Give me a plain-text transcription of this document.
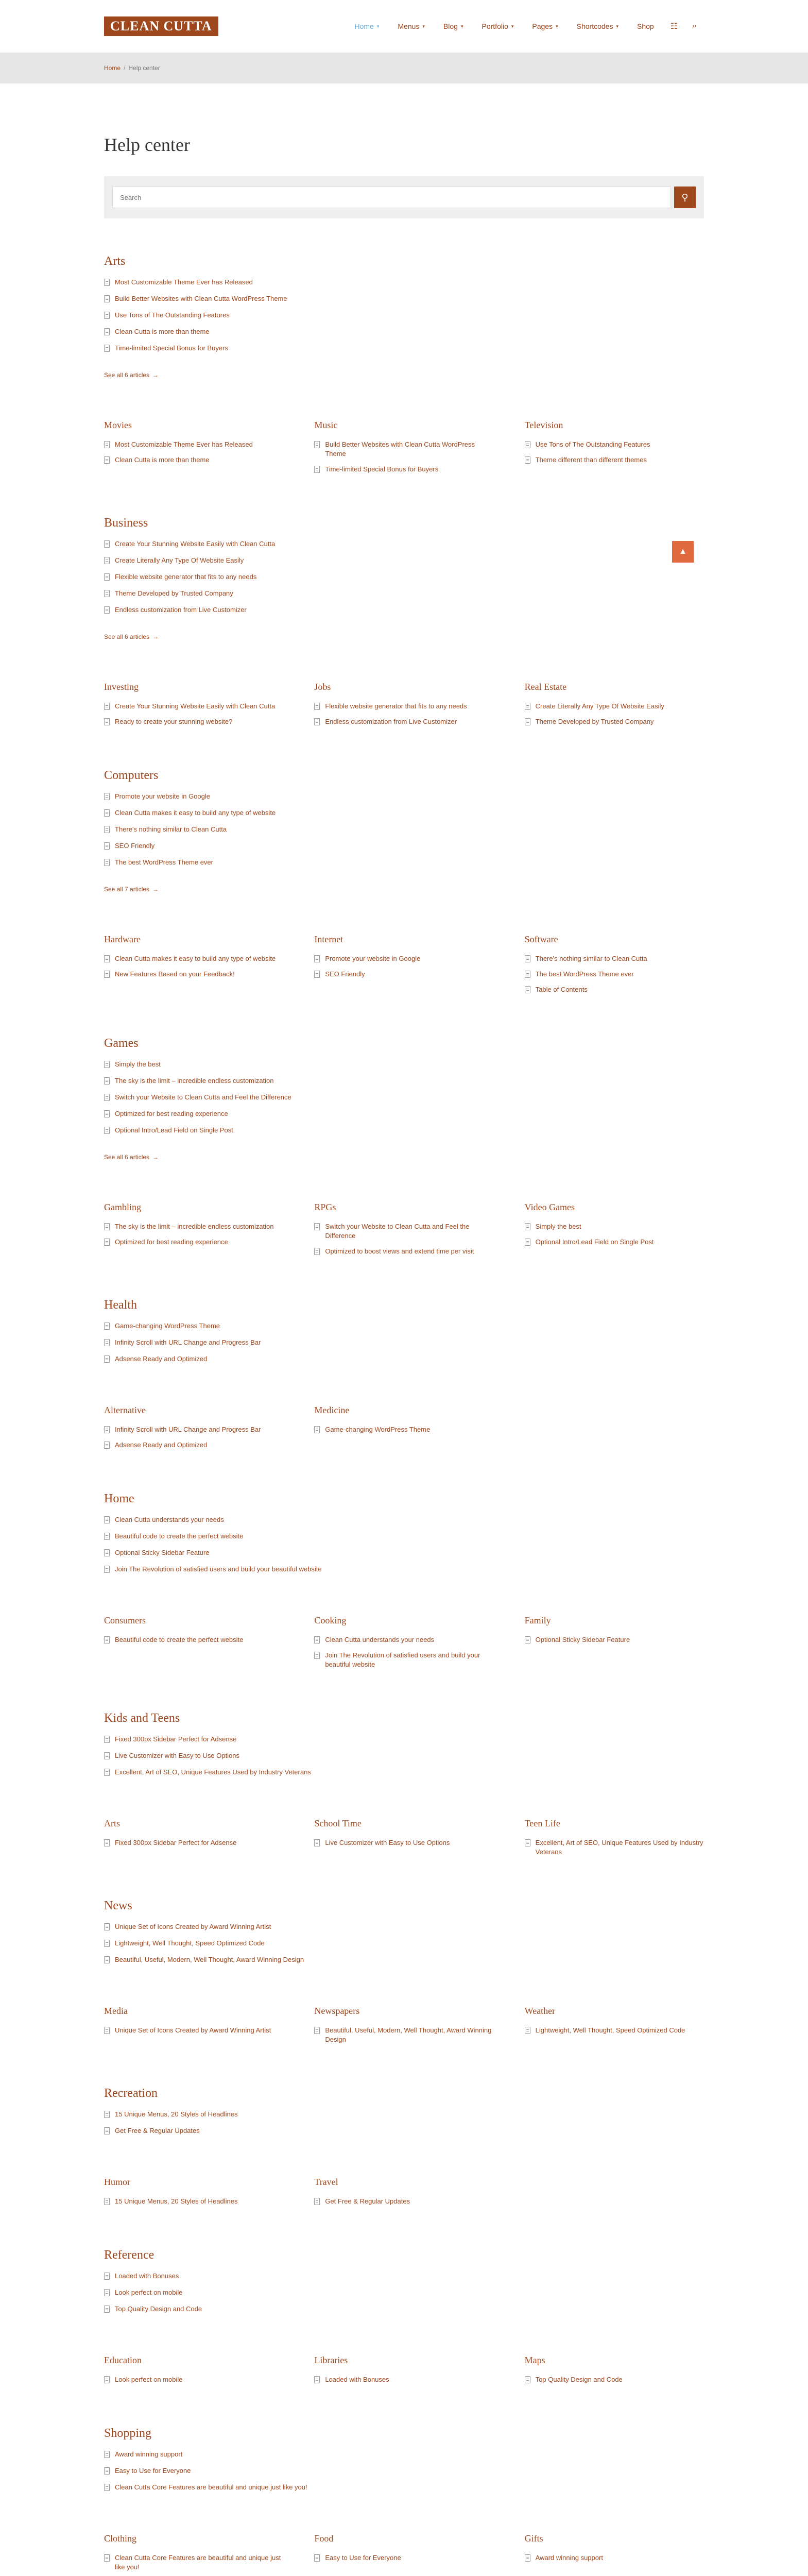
CLEAN CUTTA	Home ▾	Menus ▾	Blog ▾	Portfolio ▾	Pages ▾	Shortcodes ▾	Shop	☷	⌕
Home / Help center
Help center
Search
⚲
Arts
Most Customizable Theme Ever has Released
Build Better Websites with Clean Cutta WordPress Theme
Use Tons of The Outstanding Features
Clean Cutta is more than theme
Time-limited Special Bonus for Buyers
See all 6 articles →
Movies
Most Customizable Theme Ever has Released
Clean Cutta is more than theme
Music
Build Better Websites with Clean Cutta WordPress Theme
Time-limited Special Bonus for Buyers
Television
Use Tons of The Outstanding Features
Theme different than different themes
Business
Create Your Stunning Website Easily with Clean Cutta
Create Literally Any Type Of Website Easily
Flexible website generator that fits to any needs
Theme Developed by Trusted Company
Endless customization from Live Customizer
See all 6 articles →
Investing
Create Your Stunning Website Easily with Clean Cutta
Ready to create your stunning website?
Jobs
Flexible website generator that fits to any needs
Endless customization from Live Customizer
Real Estate
Create Literally Any Type Of Website Easily
Theme Developed by Trusted Company
Computers
Promote your website in Google
Clean Cutta makes it easy to build any type of website
There's nothing similar to Clean Cutta
SEO Friendly
The best WordPress Theme ever
See all 7 articles →
Hardware
Clean Cutta makes it easy to build any type of website
New Features Based on your Feedback!
Internet
Promote your website in Google
SEO Friendly
Software
There's nothing similar to Clean Cutta
The best WordPress Theme ever
Table of Contents
Games
Simply the best
The sky is the limit – incredible endless customization
Switch your Website to Clean Cutta and Feel the Difference
Optimized for best reading experience
Optional Intro/Lead Field on Single Post
See all 6 articles →
Gambling
The sky is the limit – incredible endless customization
Optimized for best reading experience
RPGs
Switch your Website to Clean Cutta and Feel the Difference
Optimized to boost views and extend time per visit
Video Games
Simply the best
Optional Intro/Lead Field on Single Post
Health
Game-changing WordPress Theme
Infinity Scroll with URL Change and Progress Bar
Adsense Ready and Optimized
Alternative
Infinity Scroll with URL Change and Progress Bar
Adsense Ready and Optimized
Medicine
Game-changing WordPress Theme
Home
Clean Cutta understands your needs
Beautiful code to create the perfect website
Optional Sticky Sidebar Feature
Join The Revolution of satisfied users and build your beautiful website
Consumers
Beautiful code to create the perfect website
Cooking
Clean Cutta understands your needs
Join The Revolution of satisfied users and build your beautiful website
Family
Optional Sticky Sidebar Feature
Kids and Teens
Fixed 300px Sidebar Perfect for Adsense
Live Customizer with Easy to Use Options
Excellent, Art of SEO, Unique Features Used by Industry Veterans
Arts
Fixed 300px Sidebar Perfect for Adsense
School Time
Live Customizer with Easy to Use Options
Teen Life
Excellent, Art of SEO, Unique Features Used by Industry Veterans
News
Unique Set of Icons Created by Award Winning Artist
Lightweight, Well Thought, Speed Optimized Code
Beautiful, Useful, Modern, Well Thought, Award Winning Design
Media
Unique Set of Icons Created by Award Winning Artist
Newspapers
Beautiful, Useful, Modern, Well Thought, Award Winning Design
Weather
Lightweight, Well Thought, Speed Optimized Code
Recreation
15 Unique Menus, 20 Styles of Headlines
Get Free & Regular Updates
Humor
15 Unique Menus, 20 Styles of Headlines
Travel
Get Free & Regular Updates
Reference
Loaded with Bonuses
Look perfect on mobile
Top Quality Design and Code
Education
Look perfect on mobile
Libraries
Loaded with Bonuses
Maps
Top Quality Design and Code
Shopping
Award winning support
Easy to Use for Everyone
Clean Cutta Core Features are beautiful and unique just like you!
Clothing
Clean Cutta Core Features are beautiful and unique just like you!
Food
Easy to Use for Everyone
Gifts
Award winning support
▲
